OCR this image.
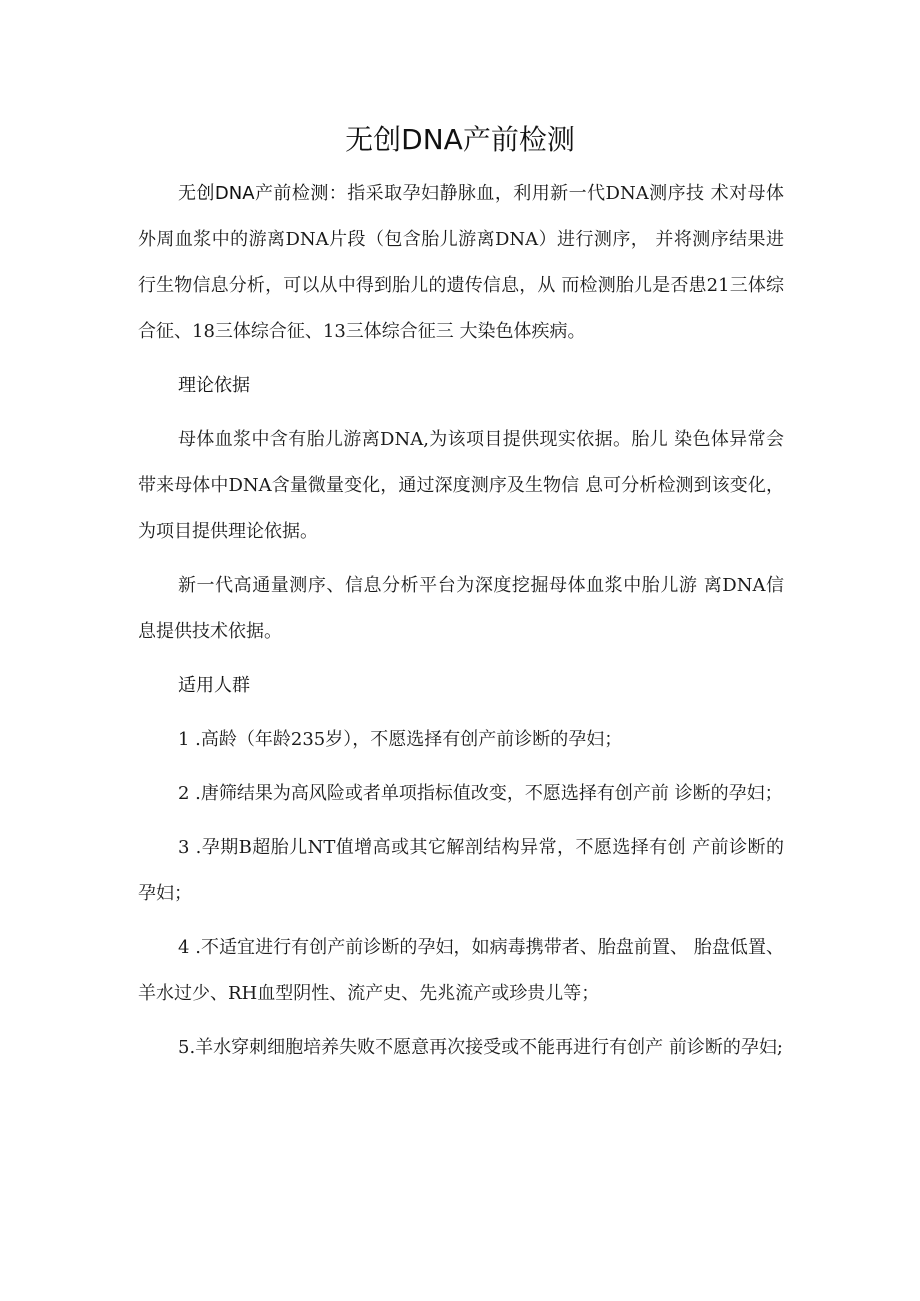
无创DNA产前检测

无创DNA产前检测：指采取孕妇静脉血，利用新一代DNA测序技 术对母体外周血浆中的游离DNA片段（包含胎儿游离DNA）进行测序， 并将测序结果进行生物信息分析，可以从中得到胎儿的遗传信息，从 而检测胎儿是否患21三体综合征、18三体综合征、13三体综合征三 大染色体疾病。

理论依据

母体血浆中含有胎儿游离DNA,为该项目提供现实依据。胎儿 染色体异常会带来母体中DNA含量微量变化，通过深度测序及生物信 息可分析检测到该变化，为项目提供理论依据。

新一代高通量测序、信息分析平台为深度挖掘母体血浆中胎儿游 离DNA信息提供技术依据。

适用人群

1 .高龄（年龄235岁），不愿选择有创产前诊断的孕妇；

2 .唐筛结果为高风险或者单项指标值改变，不愿选择有创产前 诊断的孕妇；

3 .孕期B超胎儿NT值增高或其它解剖结构异常，不愿选择有创 产前诊断的孕妇；

4 .不适宜进行有创产前诊断的孕妇，如病毒携带者、胎盘前置、 胎盘低置、羊水过少、RH血型阴性、流产史、先兆流产或珍贵儿等；

5.羊水穿刺细胞培养失败不愿意再次接受或不能再进行有创产 前诊断的孕妇;
